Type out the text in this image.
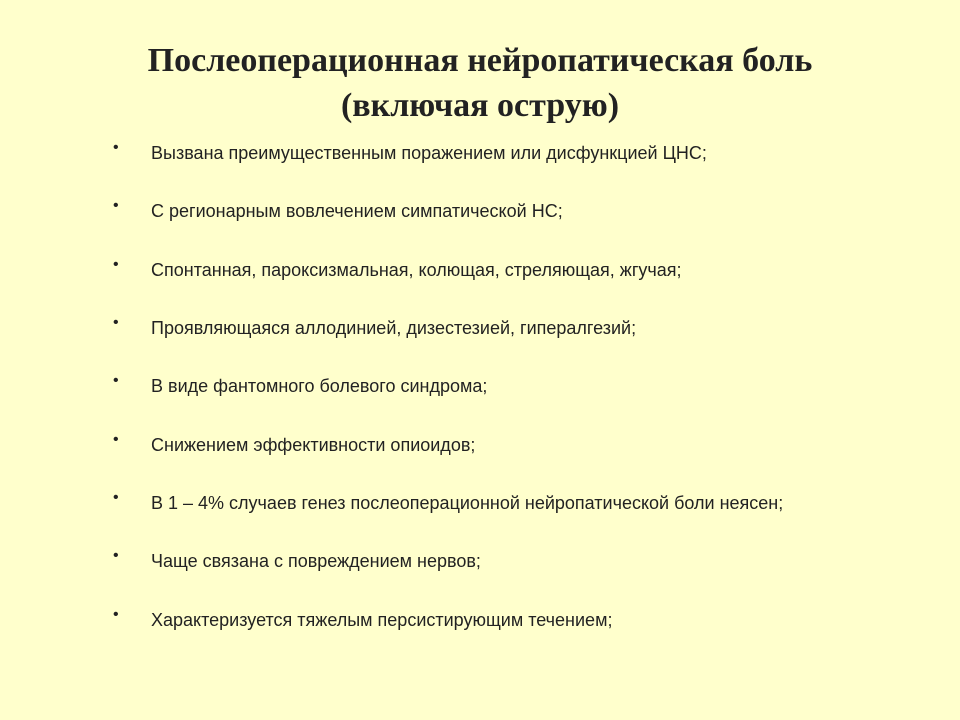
Послеоперационная нейропатическая боль
(включая острую)
• Вызвана преимущественным поражением или дисфункцией ЦНС;
• С регионарным вовлечением симпатической НС;
• Спонтанная, пароксизмальная, колющая, стреляющая, жгучая;
• Проявляющаяся аллодинией, дизестезией, гипералгезий;
• В виде фантомного болевого синдрома;
• Снижением эффективности опиоидов;
• В 1 – 4% случаев генез послеоперационной нейропатической боли неясен;
• Чаще связана с повреждением нервов;
• Характеризуется тяжелым персистирующим течением;
